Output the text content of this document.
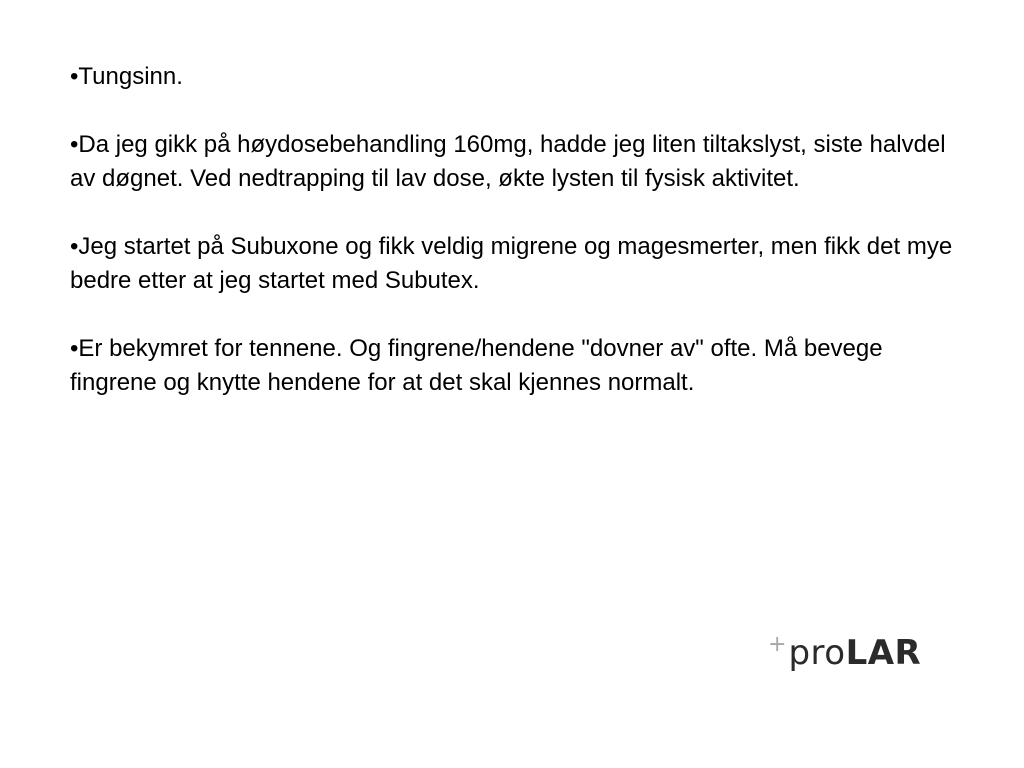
•Tungsinn.

•Da jeg gikk på høydosebehandling 160mg, hadde jeg liten tiltakslyst, siste halvdel av døgnet. Ved nedtrapping til lav dose, økte lysten til fysisk aktivitet.

•Jeg startet på Subuxone og fikk veldig migrene og magesmerter, men fikk det mye bedre etter at jeg startet med Subutex.

•Er bekymret for tennene. Og fingrene/hendene "dovner av" ofte. Må bevege fingrene og knytte hendene for at det skal kjennes normalt.

+ pro LAR
